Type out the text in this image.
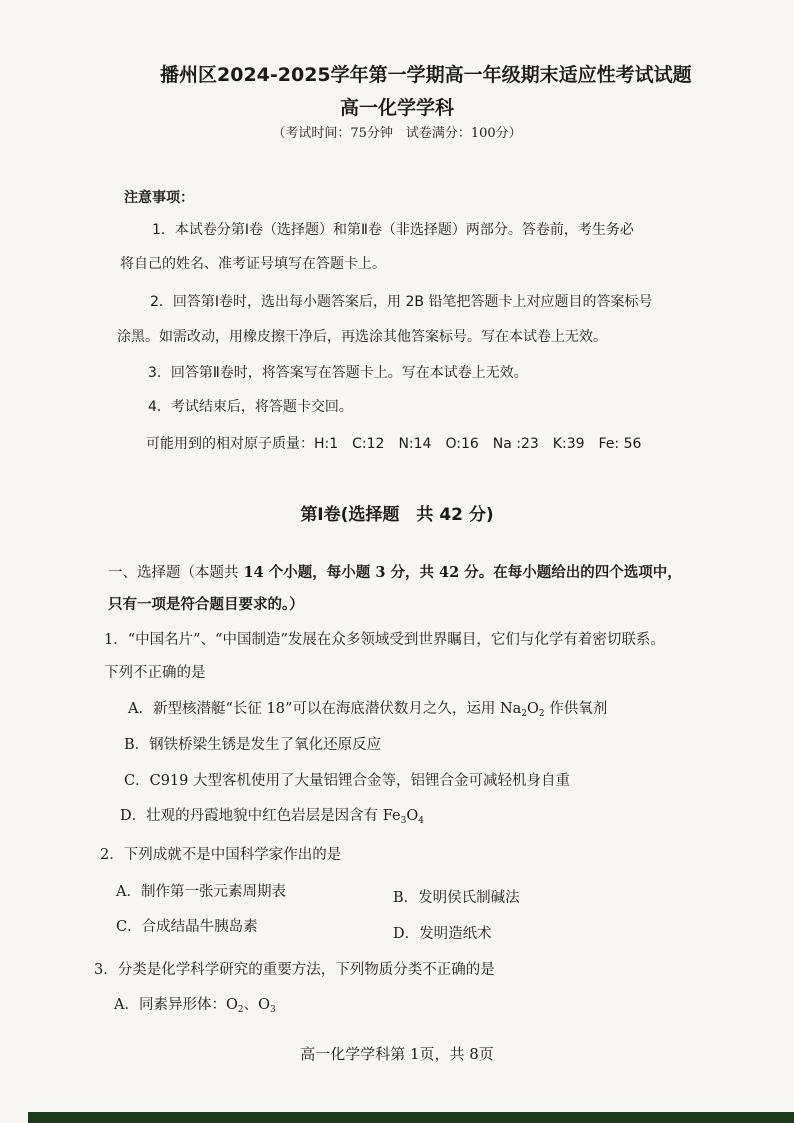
播州区2024-2025学年第一学期高一年级期末适应性考试试题
高一化学学科
（考试时间：75分钟　试卷满分：100分）
注意事项：
1．本试卷分第Ⅰ卷（选择题）和第Ⅱ卷（非选择题）两部分。答卷前，考生务必
将自己的姓名、准考证号填写在答题卡上。
2．回答第Ⅰ卷时，选出每小题答案后，用 2B 铅笔把答题卡上对应题目的答案标号
涂黑。如需改动，用橡皮擦干净后，再选涂其他答案标号。写在本试卷上无效。
3．回答第Ⅱ卷时，将答案写在答题卡上。写在本试卷上无效。
4．考试结束后，将答题卡交回。
可能用到的相对原子质量：H:1　C:12　N:14　O:16　Na :23　K:39　Fe: 56
第Ⅰ卷(选择题　共 42 分)
一、选择题（本题共 14 个小题，每小题 3 分，共 42 分。在每小题给出的四个选项中，
只有一项是符合题目要求的。）
1．“中国名片”、“中国制造”发展在众多领域受到世界瞩目，它们与化学有着密切联系。
下列不正确的是
A．新型核潜艇“长征 18”可以在海底潜伏数月之久，运用 $Na_2O_2$ 作供氧剂
B．钢铁桥梁生锈是发生了氧化还原反应
C．C919 大型客机使用了大量铝锂合金等，铝锂合金可减轻机身自重
D．壮观的丹霞地貌中红色岩层是因含有 $Fe_3O_4$
2．下列成就不是中国科学家作出的是
A．制作第一张元素周期表	B．发明侯氏制碱法
C．合成结晶牛胰岛素	D．发明造纸术
3．分类是化学科学研究的重要方法，下列物质分类不正确的是
A．同素异形体：$O_2$、$O_3$
高一化学学科第 1页，共 8页
